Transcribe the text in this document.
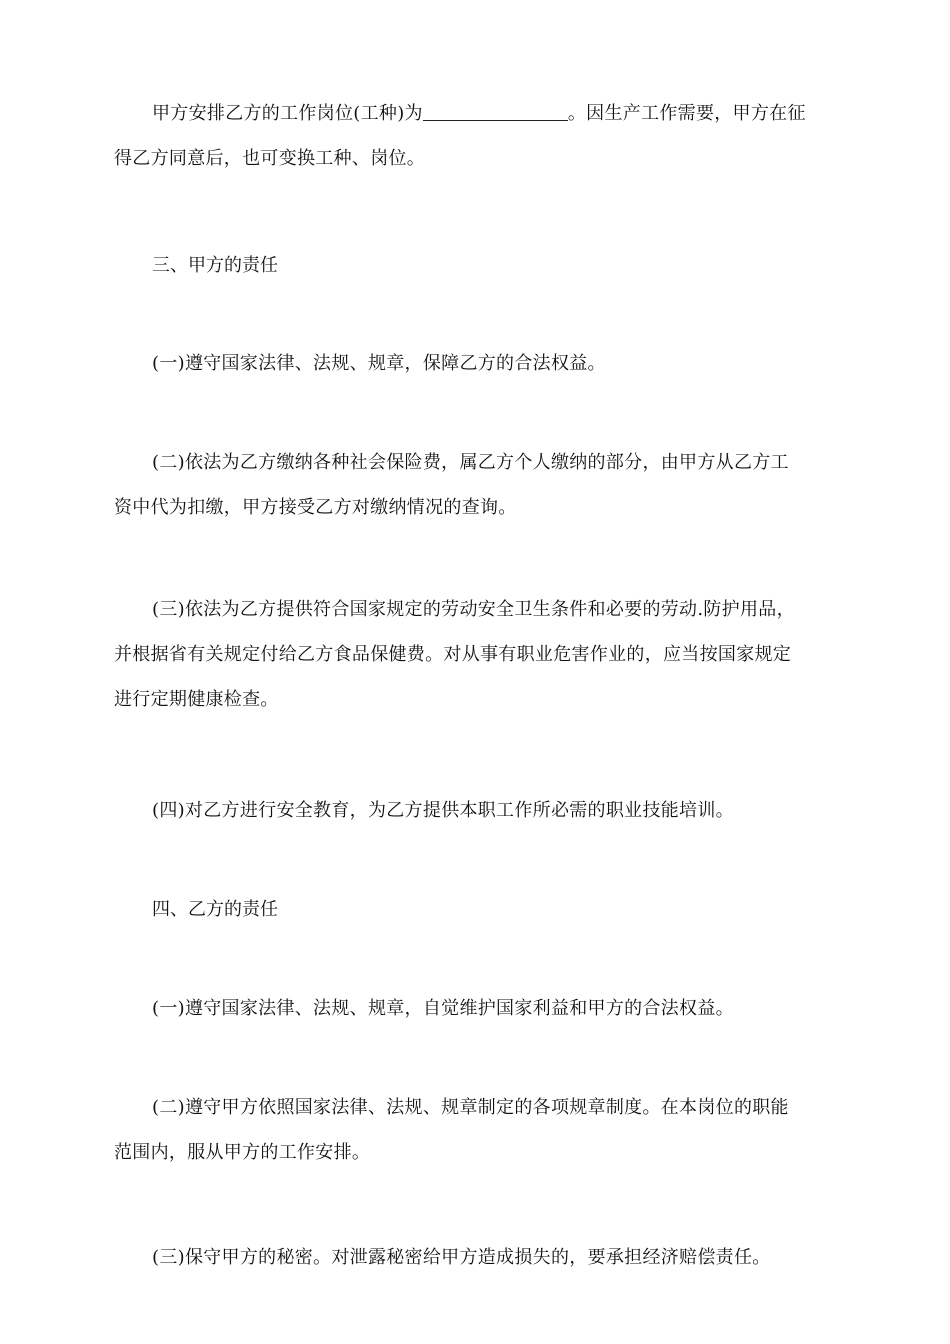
甲方安排乙方的工作岗位(工种)为	。因生产工作需要，甲方在征
得乙方同意后，也可变换工种、岗位。

三、甲方的责任

(一)遵守国家法律、法规、规章，保障乙方的合法权益。
(二)依法为乙方缴纳各种社会保险费，属乙方个人缴纳的部分，由甲方从乙方工
资中代为扣缴，甲方接受乙方对缴纳情况的查询。
(三)依法为乙方提供符合国家规定的劳动安全卫生条件和必要的劳动.防护用品，
并根据省有关规定付给乙方食品保健费。对从事有职业危害作业的，应当按国家规定
进行定期健康检查。
(四)对乙方进行安全教育，为乙方提供本职工作所必需的职业技能培训。

四、乙方的责任

(一)遵守国家法律、法规、规章，自觉维护国家利益和甲方的合法权益。
(二)遵守甲方依照国家法律、法规、规章制定的各项规章制度。在本岗位的职能
范围内，服从甲方的工作安排。
(三)保守甲方的秘密。对泄露秘密给甲方造成损失的，要承担经济赔偿责任。
